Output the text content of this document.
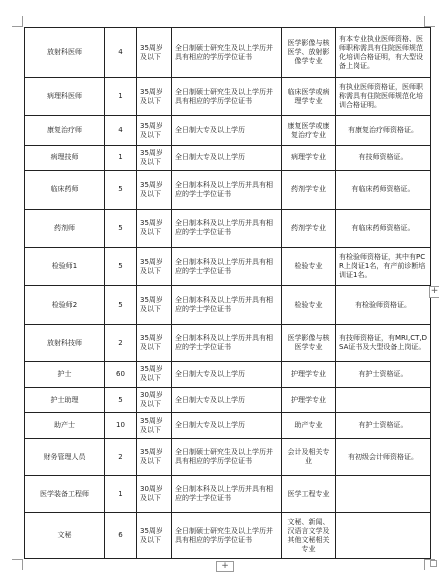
放射科医师	4	35周岁及以下	全日制硕士研究生及以上学历并具有相应的学历学位证书	医学影像与核医学、放射影像学专业	有本专业执业医师资格、医师职称需具有住院医师规范化培训合格证明，有大型设备上岗证。
病理科医师	1	35周岁及以下	全日制硕士研究生及以上学历并具有相应的学历学位证书	临床医学或病理学专业	有执业医师资格证，医师职称需具有住院医师规范化培训合格证明。
康复治疗师	4	35周岁及以下	全日制大专及以上学历	康复医学或康复治疗专业	有康复治疗师资格证。
病理技师	1	35周岁及以下	全日制大专及以上学历	病理学专业	有技师资格证。
临床药师	5	35周岁及以下	全日制本科及以上学历并具有相应的学士学位证书	药剂学专业	有临床药师资格证。
药剂师	5	35周岁及以下	全日制本科及以上学历并具有相应的学士学位证书	药剂学专业	有临床药师资格证。
检验师1	5	35周岁及以下	全日制本科及以上学历并具有相应的学士学位证书	检验专业	有检验师资格证，其中有PCR上岗证1名，有产前诊断培训证1名。
检验师2	5	35周岁及以下	全日制本科及以上学历并具有相应的学士学位证书	检验专业	有检验师资格证。
放射科技师	2	35周岁及以下	全日制本科及以上学历并具有相应的学士学位证书	医学影像与核医学专业	有技师资格证，有MRI,CT,DSA证书及大型设备上岗证。
护士	60	35周岁及以下	全日制大专及以上学历	护理学专业	有护士资格证。
护士助理	5	30周岁及以下	全日制大专及以上学历	护理学专业	
助产士	10	35周岁及以下	全日制大专及以上学历	助产专业	有护士资格证。
财务管理人员	2	35周岁及以下	全日制硕士研究生及以上学历并具有相应的学历学位证书	会计及相关专业	有初级会计师资格证。
医学装备工程师	1	30周岁及以下	全日制本科及以上学历并具有相应的学士学位证书	医学工程专业	
文秘	6	35周岁及以下	全日制硕士研究生及以上学历并具有相应的学历学位证书	文秘、新闻、汉语言文学及其他文秘相关专业	
+
+
